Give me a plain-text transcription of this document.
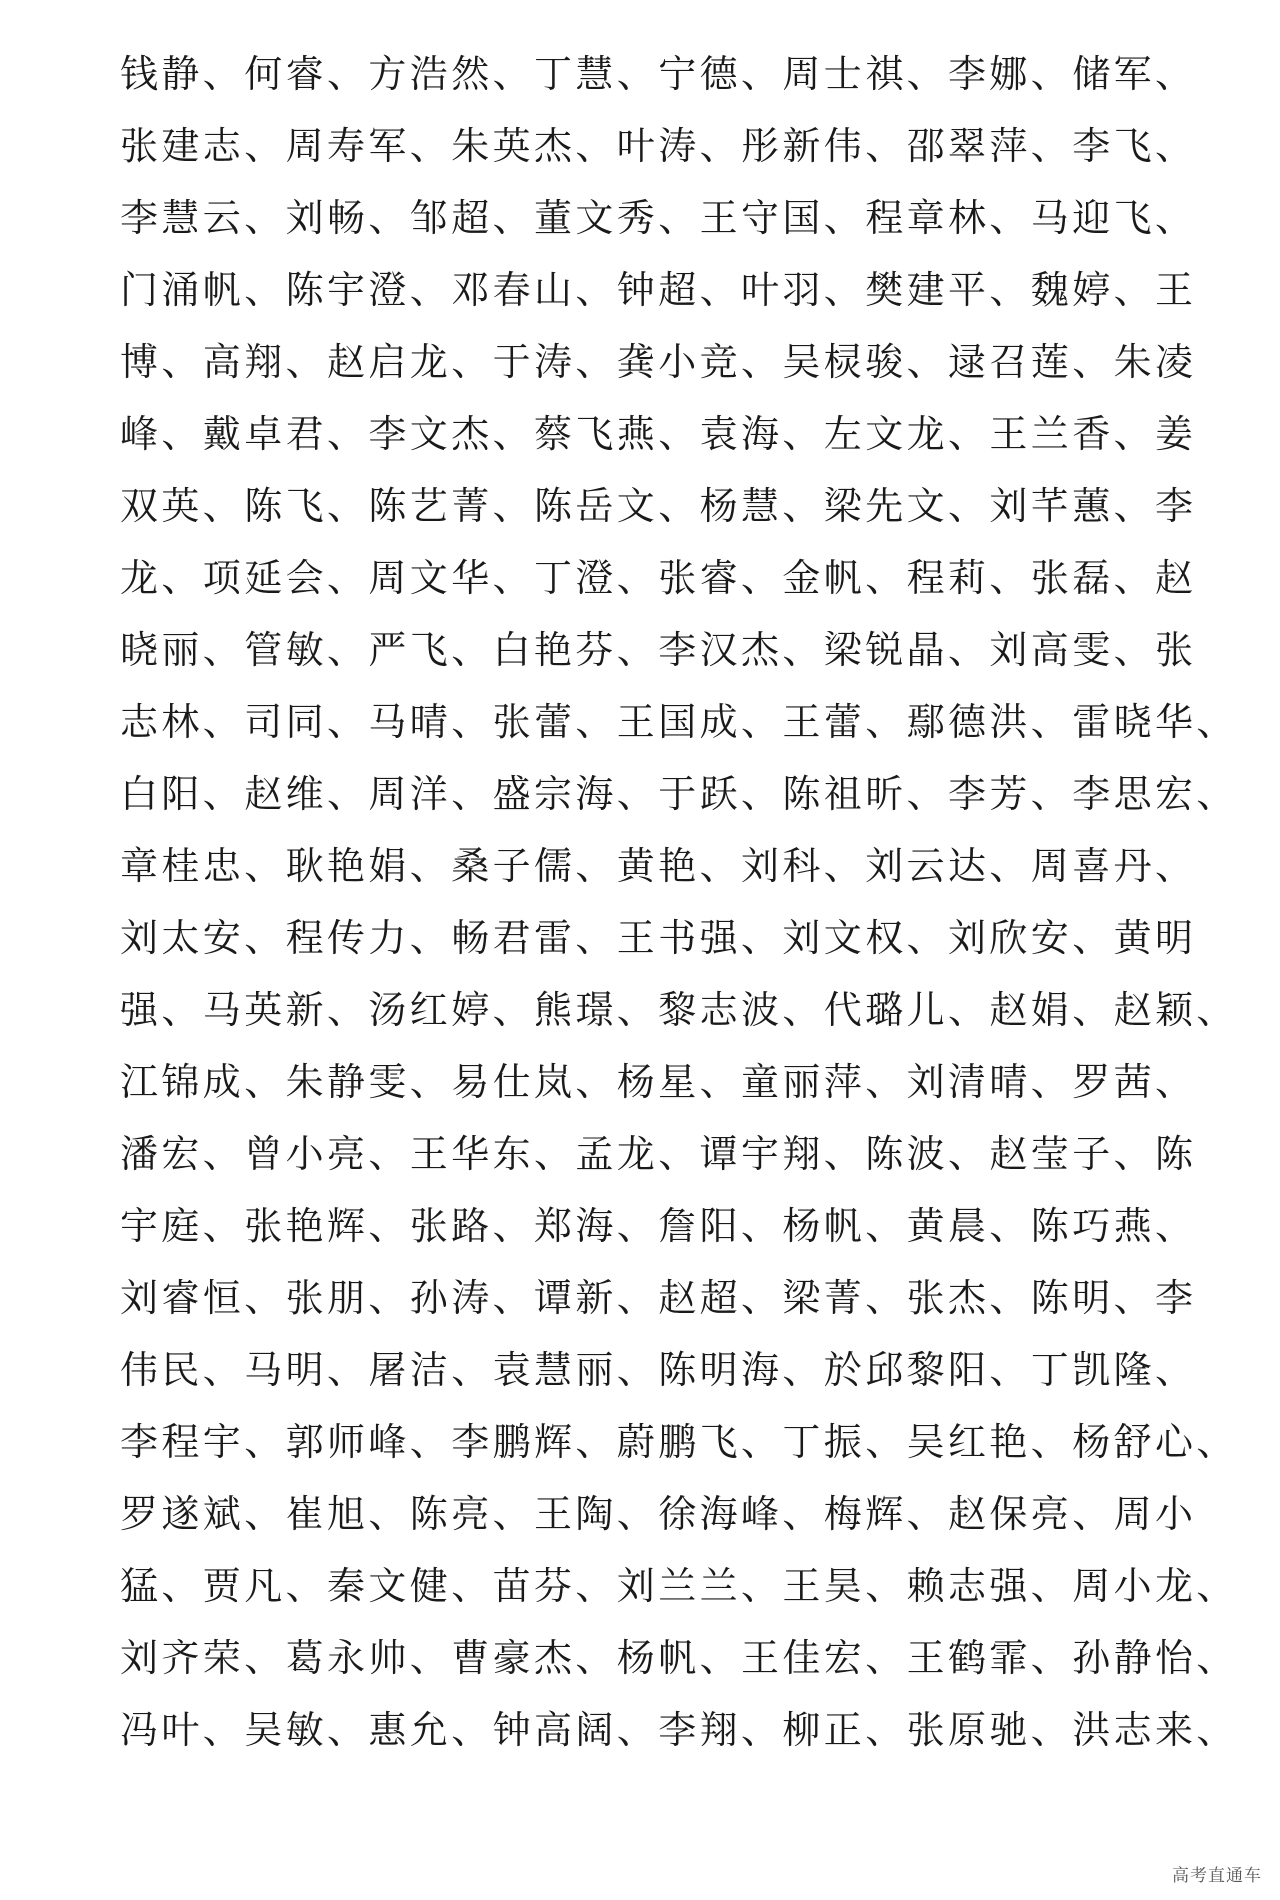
钱静、何睿、方浩然、丁慧、宁德、周士祺、李娜、储军、
张建志、周寿军、朱英杰、叶涛、彤新伟、邵翠萍、李飞、
李慧云、刘畅、邹超、董文秀、王守国、程章林、马迎飞、
门涌帆、陈宇澄、邓春山、钟超、叶羽、樊建平、魏婷、王
博、高翔、赵启龙、于涛、龚小竞、吴棂骏、逯召莲、朱凌
峰、戴卓君、李文杰、蔡飞燕、袁海、左文龙、王兰香、姜
双英、陈飞、陈艺菁、陈岳文、杨慧、梁先文、刘芊蕙、李
龙、项延会、周文华、丁澄、张睿、金帆、程莉、张磊、赵
晓丽、管敏、严飞、白艳芬、李汉杰、梁锐晶、刘高雯、张
志林、司同、马晴、张蕾、王国成、王蕾、鄢德洪、雷晓华、
白阳、赵维、周洋、盛宗海、于跃、陈祖昕、李芳、李思宏、
章桂忠、耿艳娟、桑子儒、黄艳、刘科、刘云达、周喜丹、
刘太安、程传力、畅君雷、王书强、刘文权、刘欣安、黄明
强、马英新、汤红婷、熊璟、黎志波、代璐儿、赵娟、赵颖、
江锦成、朱静雯、易仕岚、杨星、童丽萍、刘清晴、罗茜、
潘宏、曾小亮、王华东、孟龙、谭宇翔、陈波、赵莹子、陈
宇庭、张艳辉、张路、郑海、詹阳、杨帆、黄晨、陈巧燕、
刘睿恒、张朋、孙涛、谭新、赵超、梁菁、张杰、陈明、李
伟民、马明、屠洁、袁慧丽、陈明海、於邱黎阳、丁凯隆、
李程宇、郭师峰、李鹏辉、蔚鹏飞、丁振、吴红艳、杨舒心、
罗遂斌、崔旭、陈亮、王陶、徐海峰、梅辉、赵保亮、周小
猛、贾凡、秦文健、苗芬、刘兰兰、王昊、赖志强、周小龙、
刘齐荣、葛永帅、曹豪杰、杨帆、王佳宏、王鹤霏、孙静怡、
冯叶、吴敏、惠允、钟高阔、李翔、柳正、张原驰、洪志来、
高考直通车
